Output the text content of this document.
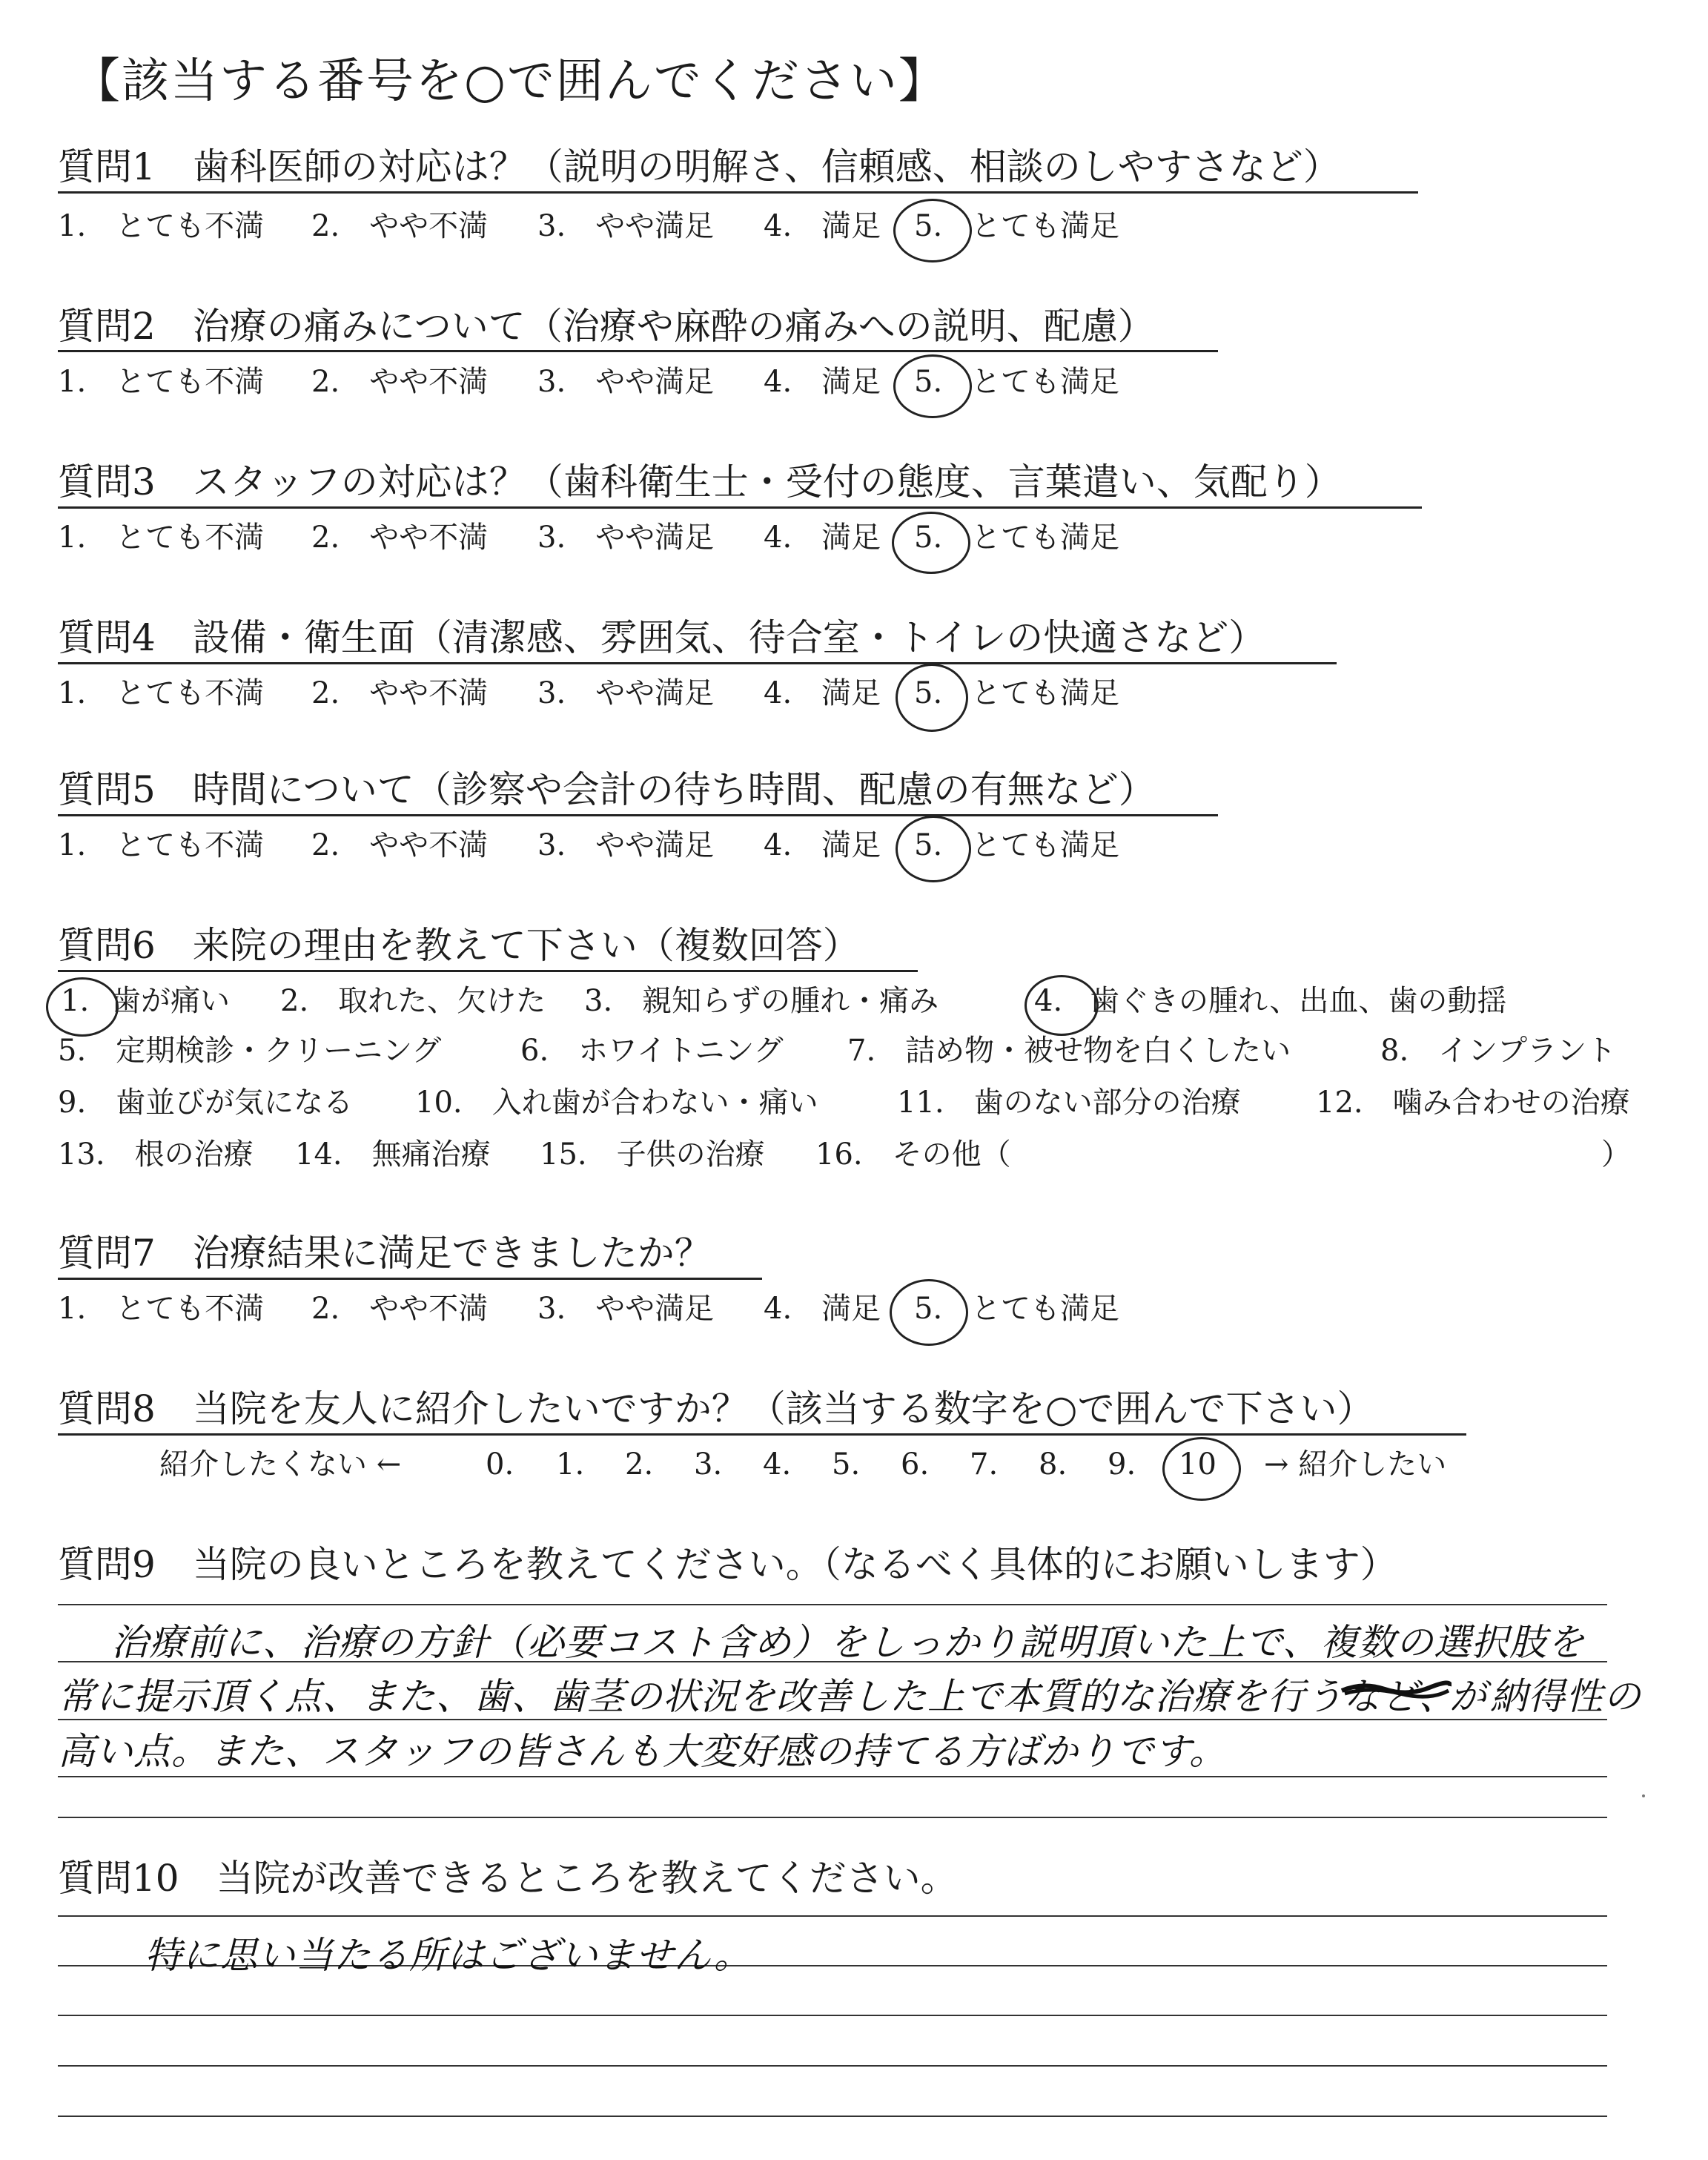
【該当する番号を○で囲んでください】
質問1　歯科医師の対応は？（説明の明解さ、信頼感、相談のしやすさなど）
1.　とても不満 2.　やや不満 3.　やや満足 4.　満足 5. とても満足
質問2　治療の痛みについて（治療や麻酔の痛みへの説明、配慮）
1.　とても不満 2.　やや不満 3.　やや満足 4.　満足 5. とても満足
質問3　スタッフの対応は？（歯科衛生士・受付の態度、言葉遣い、気配り）
1.　とても不満 2.　やや不満 3.　やや満足 4.　満足 5. とても満足
質問4　設備・衛生面（清潔感、雰囲気、待合室・トイレの快適さなど）
1.　とても不満 2.　やや不満 3.　やや満足 4.　満足 5. とても満足
質問5　時間について（診察や会計の待ち時間、配慮の有無など）
1.　とても不満 2.　やや不満 3.　やや満足 4.　満足 5. とても満足
質問6　来院の理由を教えて下さい（複数回答）
1. 歯が痛い 2.　取れた、欠けた 3.　親知らずの腫れ・痛み	4. 歯ぐきの腫れ、出血、歯の動揺
5.　定期検診・クリーニング	6.　ホワイトニング 7.　詰め物・被せ物を白くしたい	8.　インプラント
9.　歯並びが気になる 10.　入れ歯が合わない・痛い	11.　歯のない部分の治療	12.　噛み合わせの治療
13.　根の治療 14.　無痛治療 15.　子供の治療 16.　その他（	）
質問7　治療結果に満足できましたか？
1.　とても不満 2.　やや不満 3.　やや満足 4.　満足 5. とても満足
質問8　当院を友人に紹介したいですか？（該当する数字を○で囲んで下さい）
紹介したくない ←	0. 1. 2. 3. 4. 5. 6. 7. 8. 9. 10 → 紹介したい
質問9　当院の良いところを教えてください。（なるべく具体的にお願いします）
治療前に、治療の方針（必要コスト含め）をしっかり説明頂いた上で、複数の選択肢を
常に提示頂く点、また、歯、歯茎の状況を改善した上で本質的な治療を行うなど、
が 納得性の
高い点。また、スタッフの皆さんも大変好感の持てる方ばかりです。
質問10　当院が改善できるところを教えてください。
特に思い当たる所はございません。
